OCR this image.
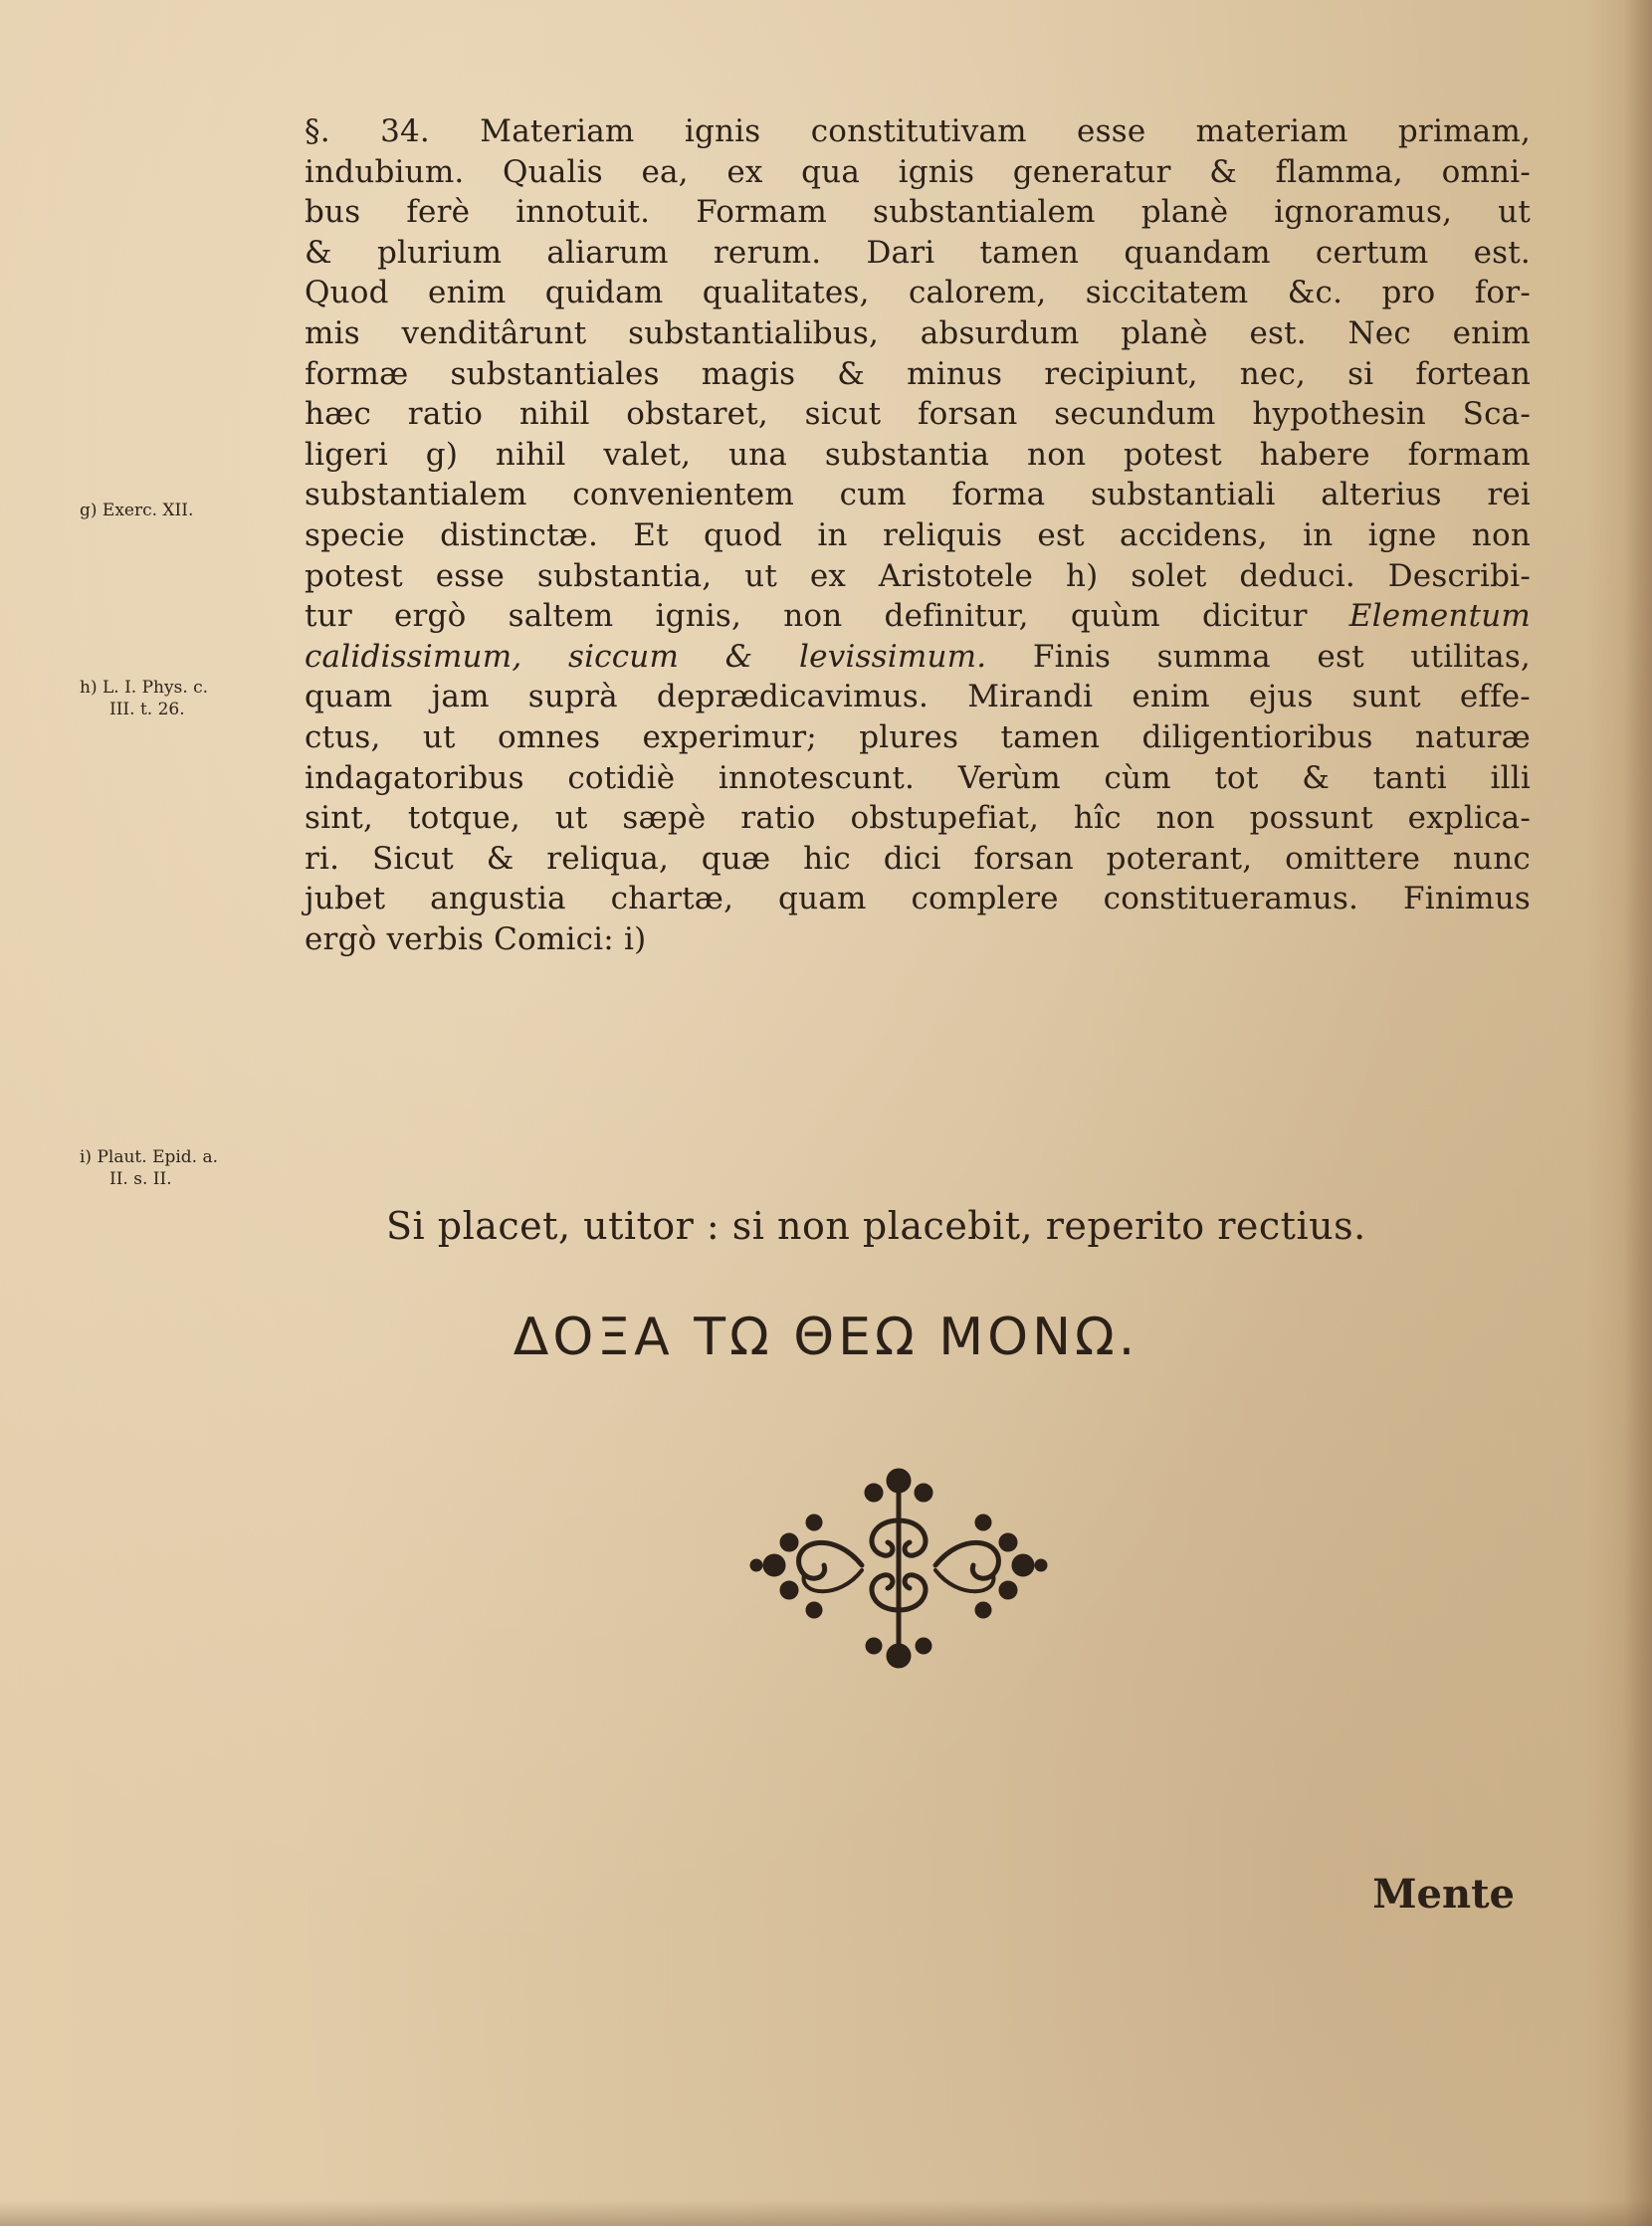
§. 34. Materiam ignis constitutivam esse materiam primam,
indubium. Qualis ea, ex qua ignis generatur & flamma, omni-
bus ferè innotuit. Formam substantialem planè ignoramus, ut
& plurium aliarum rerum. Dari tamen quandam certum est.
Quod enim quidam qualitates, calorem, siccitatem &c. pro for-
mis venditârunt substantialibus, absurdum planè est. Nec enim
formæ substantiales magis & minus recipiunt, nec, si fortean
hæc ratio nihil obstaret, sicut forsan secundum hypothesin Sca-
ligeri g) nihil valet, una substantia non potest habere formam
substantialem convenientem cum forma substantiali alterius rei
specie distinctæ. Et quod in reliquis est accidens, in igne non
potest esse substantia, ut ex Aristotele h) solet deduci. Describi-
tur ergò saltem ignis, non definitur, quùm dicitur Elementum
calidissimum, siccum & levissimum. Finis summa est utilitas,
quam jam suprà deprædicavimus. Mirandi enim ejus sunt effe-
ctus, ut omnes experimur; plures tamen diligentioribus naturæ
indagatoribus cotidiè innotescunt. Verùm cùm tot & tanti illi
sint, totque, ut sæpè ratio obstupefiat, hîc non possunt explica-
ri. Sicut & reliqua, quæ hic dici forsan poterant, omittere nunc
jubet angustia chartæ, quam complere constitueramus. Finimus
ergò verbis Comici: i)
g) Exerc. XII.
h) L. I. Phys. c.
III. t. 26.
i) Plaut. Epid. a.
II. s. II.
Si placet, utitor : si non placebit, reperito rectius.
ΔΟΞΑ ΤΩ ΘΕΩ ΜΟΝΩ.
Mente
